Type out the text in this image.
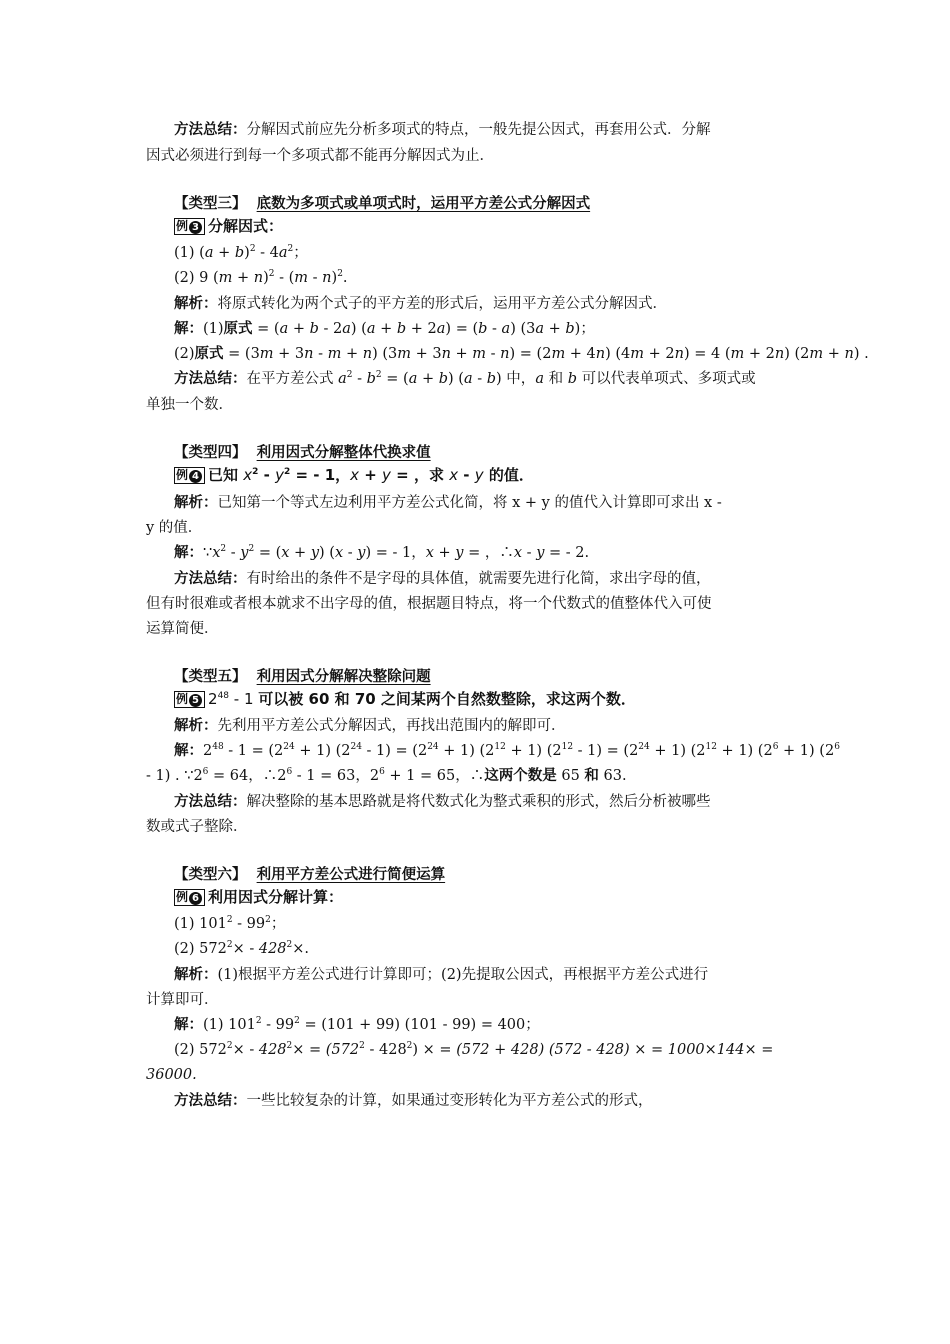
方法总结：分解因式前应先分析多项式的特点，一般先提公因式，再套用公式．分解
因式必须进行到每一个多项式都不能再分解因式为止．
【类型三】 底数为多项式或单项式时，运用平方差公式分解因式
例 3 分解因式：
(1) $(a + b)^2 - 4a^2$；
(2) 9 $(m + n)^2 - (m - n)^2$.
解析：将原式转化为两个式子的平方差的形式后，运用平方差公式分解因式．
解：(1)原式 = (a + b - 2a) (a + b + 2a) = (b - a) (3a + b)；
(2)原式 = (3m + 3n - m + n) (3m + 3n + m - n) = (2m + 4n) (4m + 2n) = 4 (m + 2n) (2m + n) .
方法总结：在平方差公式 $a^2 - b^2 = (a + b)$ (a - b) 中，a 和 b 可以代表单项式、多项式或
单独一个数．
【类型四】 利用因式分解整体代换求值
例 4 已知 $x^2 - y^2$ = - 1，x + y = ，求 x - y 的值．
解析：已知第一个等式左边利用平方差公式化简，将 x + y 的值代入计算即可求出 x -
y 的值．
解：$\because x^2 - y^2 = (x + y)$ (x - y) = - 1，x + y = ，∴x - y = - 2.
方法总结：有时给出的条件不是字母的具体值，就需要先进行化简，求出字母的值，
但有时很难或者根本就求不出字母的值，根据题目特点，将一个代数式的值整体代入可使
运算简便．
【类型五】 利用因式分解解决整除问题
例 5 $2^{48} - 1$ 可以被 60 和 70 之间某两个自然数整除，求这两个数．
解析：先利用平方差公式分解因式，再找出范围内的解即可．
解：$2^{48} - 1 = (2^{24} + 1)$ $(2^{24} - 1) = (2^{24} + 1) (2^{12} + 1)$ $(2^{12} - 1) = (2^{24} + 1) (2^{12} + 1) (2^6 + 1)$ ($2^6$
- 1) . $\because 2^6 = 64$，$\therefore 2^6 - 1 = 63$，$2^6 + 1 = 65$，∴这两个数是 65 和 63.
方法总结：解决整除的基本思路就是将代数式化为整式乘积的形式，然后分析被哪些
数或式子整除．
【类型六】 利用平方差公式进行简便运算
例 6 利用因式分解计算：
(1) $101^2 - 99^2$；
(2) $572^2\times - 428^2\times$.
解析：(1)根据平方差公式进行计算即可；(2)先提取公因式，再根据平方差公式进行
计算即可．
解：(1) $101^2 - 99^2 = (101 + 99)$ (101 - 99) = 400；
(2) $572^2\times - 428^2\times = (572^2 - 428^2)$ × = (572 + 428) (572 - 428) × = 1000×144× =
36000.
方法总结：一些比较复杂的计算，如果通过变形转化为平方差公式的形式，
